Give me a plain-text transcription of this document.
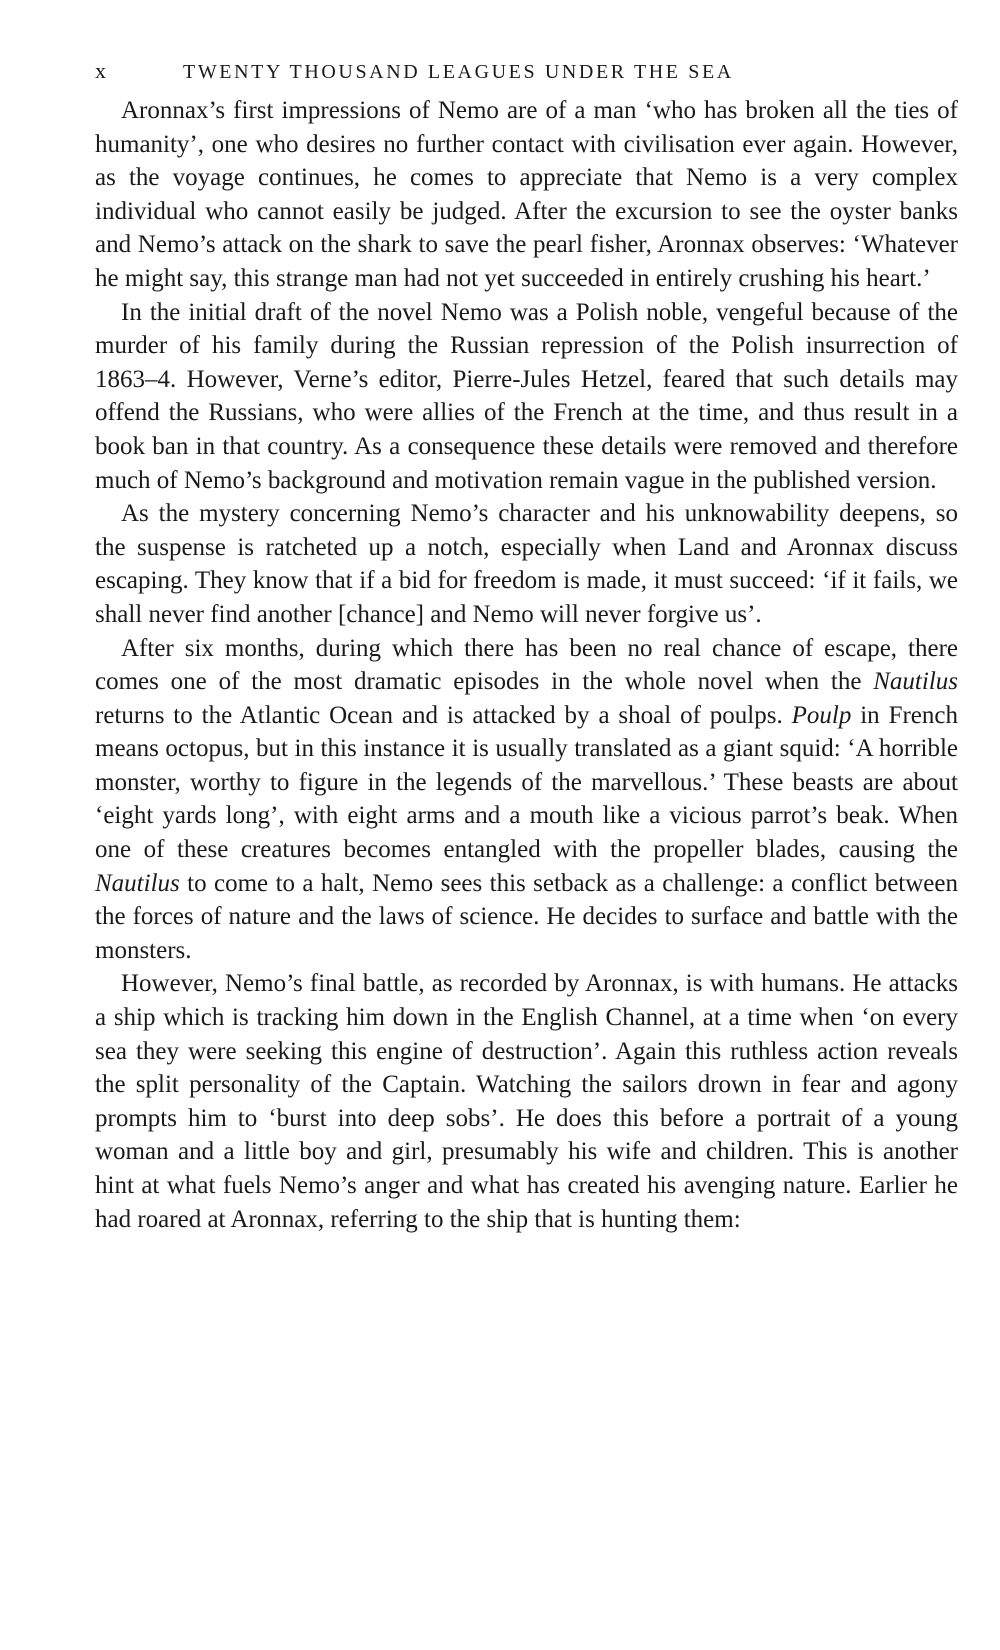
x	TWENTY THOUSAND LEAGUES UNDER THE SEA

Aronnax’s first impressions of Nemo are of a man ‘who has broken all the ties of humanity’, one who desires no further contact with civilisation ever again. However, as the voyage continues, he comes to appreciate that Nemo is a very complex individual who cannot easily be judged. After the excursion to see the oyster banks and Nemo’s attack on the shark to save the pearl fisher, Aronnax observes: ‘Whatever he might say, this strange man had not yet succeeded in entirely crushing his heart.’

In the initial draft of the novel Nemo was a Polish noble, vengeful because of the murder of his family during the Russian repression of the Polish insurrection of 1863–4. However, Verne’s editor, Pierre-Jules Hetzel, feared that such details may offend the Russians, who were allies of the French at the time, and thus result in a book ban in that country. As a consequence these details were removed and therefore much of Nemo’s background and motivation remain vague in the published version.

As the mystery concerning Nemo’s character and his unknowability deepens, so the suspense is ratcheted up a notch, especially when Land and Aronnax discuss escaping. They know that if a bid for freedom is made, it must succeed: ‘if it fails, we shall never find another [chance] and Nemo will never forgive us’.

After six months, during which there has been no real chance of escape, there comes one of the most dramatic episodes in the whole novel when the Nautilus returns to the Atlantic Ocean and is attacked by a shoal of poulps. Poulp in French means octopus, but in this instance it is usually translated as a giant squid: ‘A horrible monster, worthy to figure in the legends of the marvellous.’ These beasts are about ‘eight yards long’, with eight arms and a mouth like a vicious parrot’s beak. When one of these creatures becomes entangled with the propeller blades, causing the Nautilus to come to a halt, Nemo sees this setback as a challenge: a conflict between the forces of nature and the laws of science. He decides to surface and battle with the monsters.

However, Nemo’s final battle, as recorded by Aronnax, is with humans. He attacks a ship which is tracking him down in the English Channel, at a time when ‘on every sea they were seeking this engine of destruction’. Again this ruthless action reveals the split personality of the Captain. Watching the sailors drown in fear and agony prompts him to ‘burst into deep sobs’. He does this before a portrait of a young woman and a little boy and girl, presumably his wife and children. This is another hint at what fuels Nemo’s anger and what has created his avenging nature. Earlier he had roared at Aronnax, referring to the ship that is hunting them:
